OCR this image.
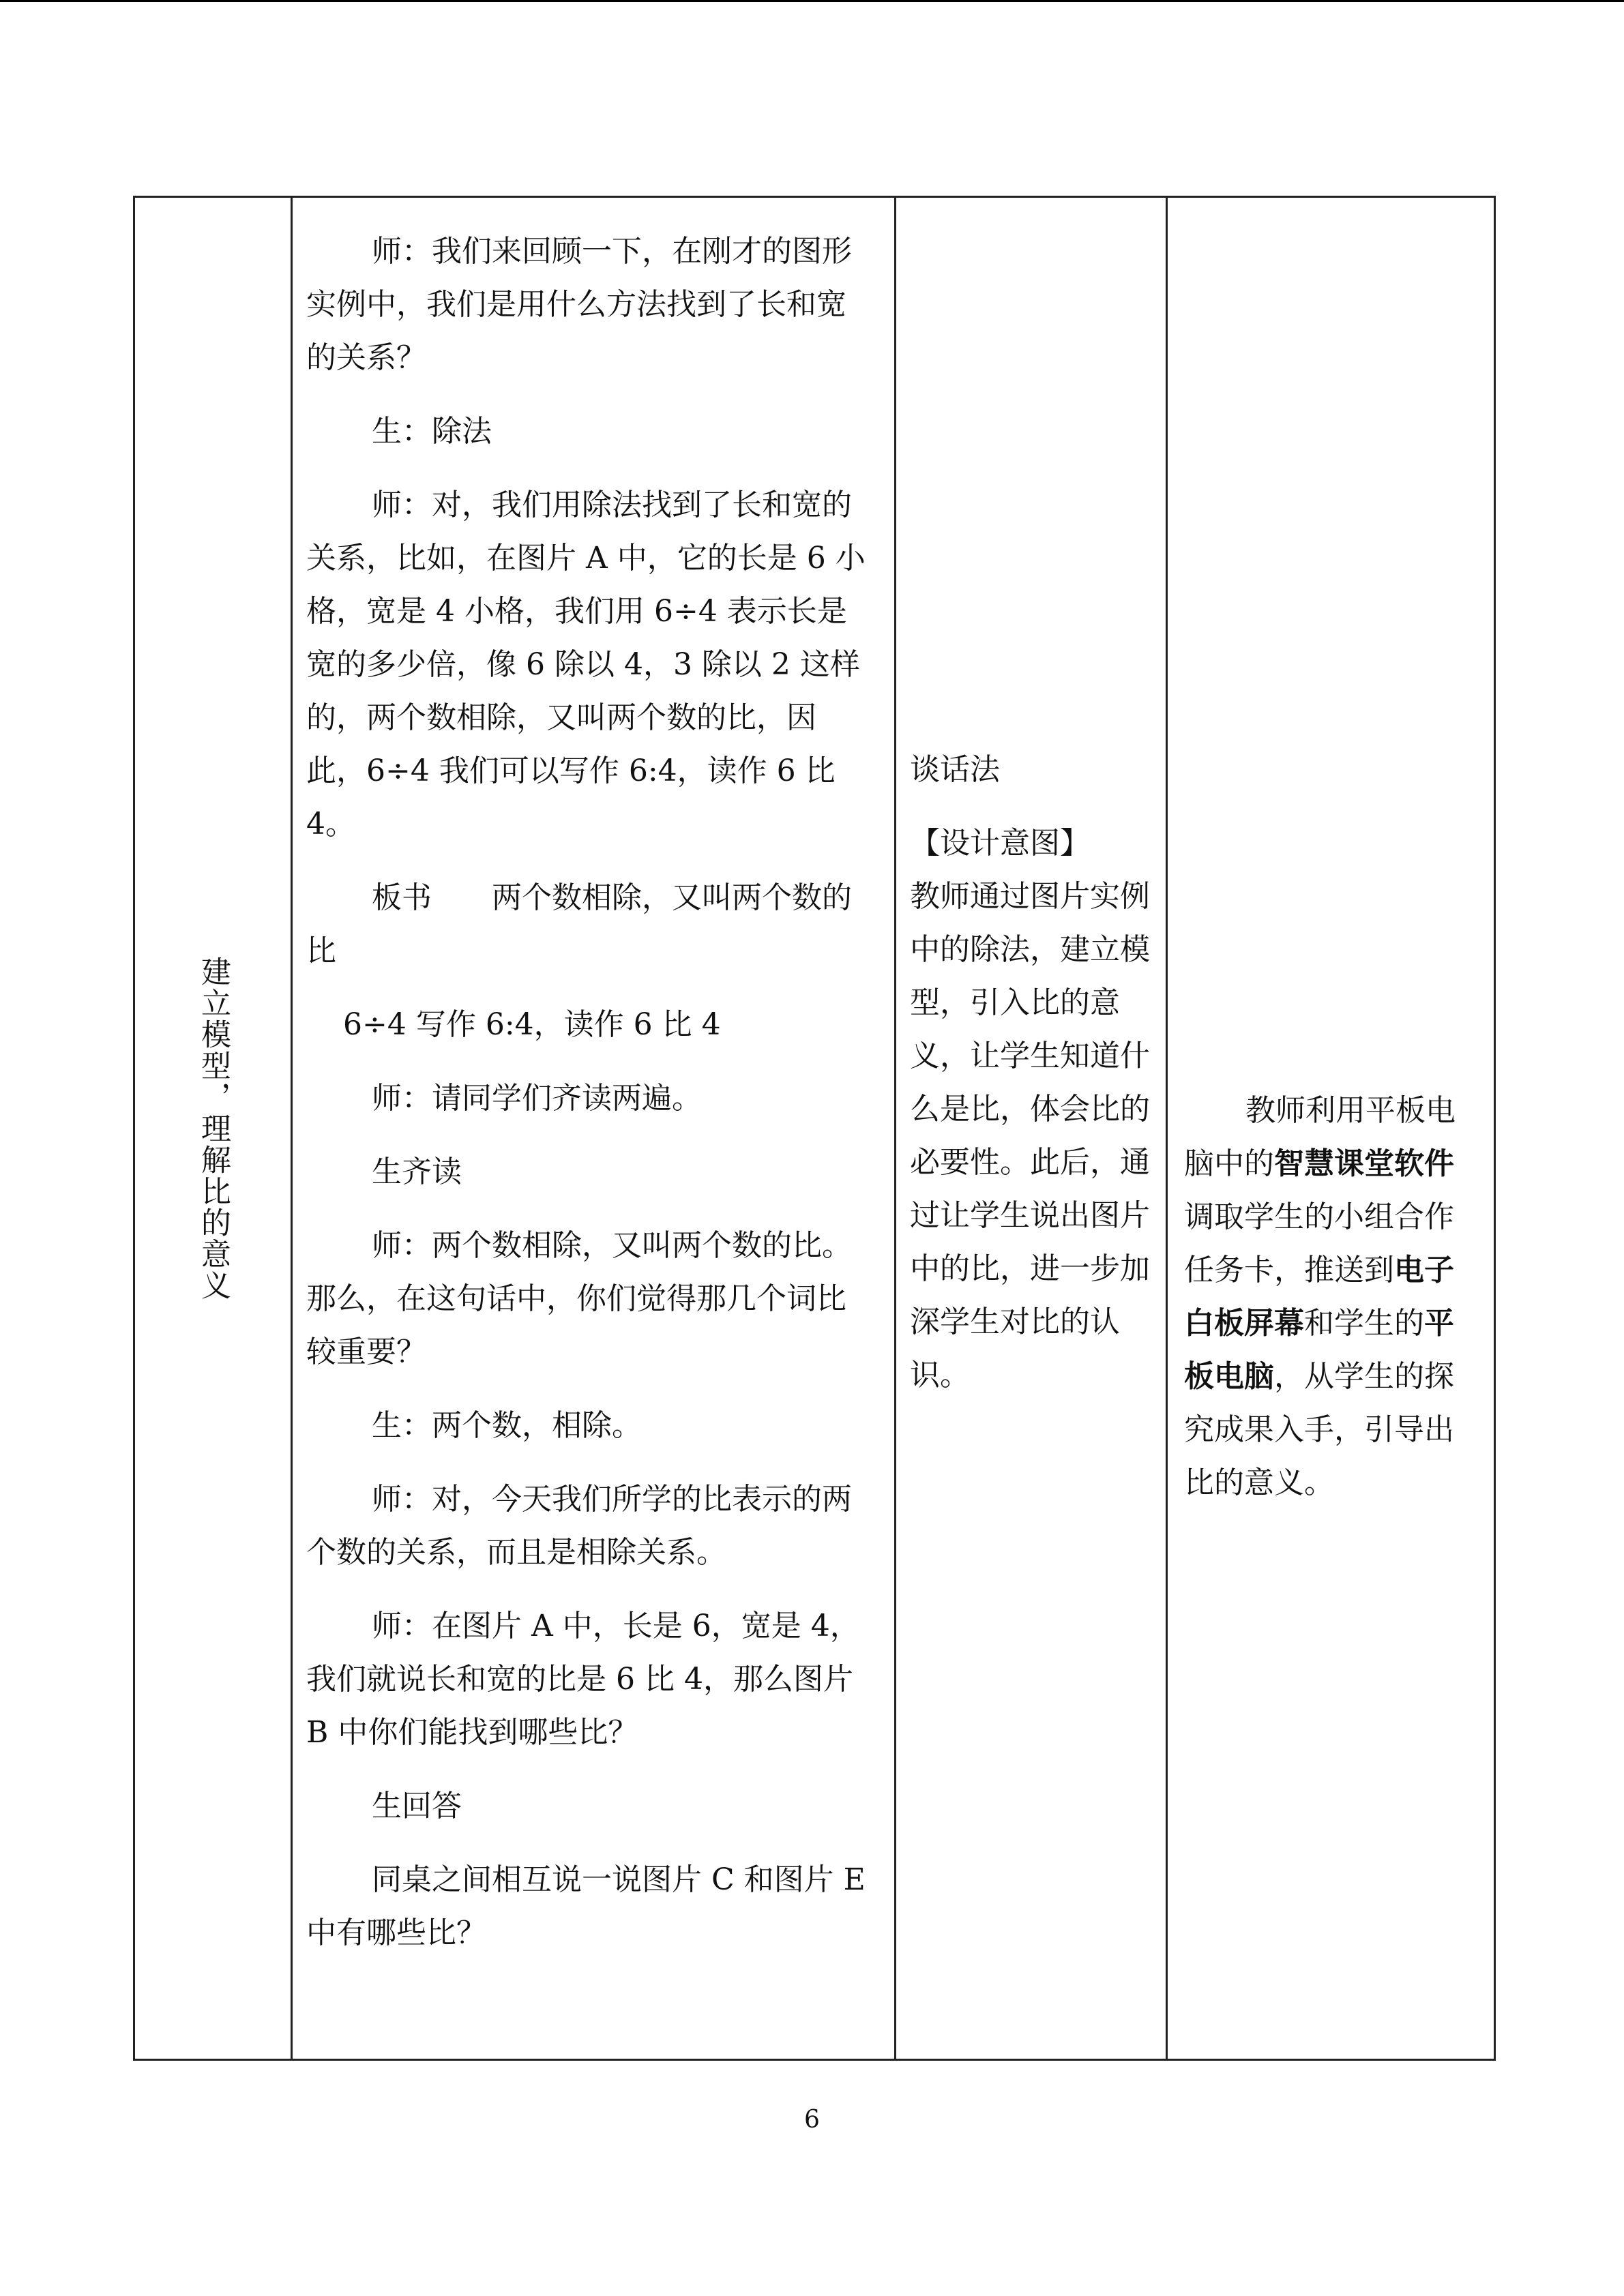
建立模型，理解比的意义

师：我们来回顾一下，在刚才的图形实例中，我们是用什么方法找到了长和宽的关系？

生：除法

师：对，我们用除法找到了长和宽的关系，比如，在图片 A 中，它的长是 6 小格，宽是 4 小格，我们用 6÷4 表示长是宽的多少倍，像 6 除以 4，3 除以 2 这样的，两个数相除，又叫两个数的比，因此，6÷4 我们可以写作 6:4，读作 6 比 4。

板书　　两个数相除，又叫两个数的比

6÷4 写作 6:4，读作 6 比 4

师：请同学们齐读两遍。

生齐读

师：两个数相除，又叫两个数的比。那么，在这句话中，你们觉得那几个词比较重要？

生：两个数，相除。

师：对，今天我们所学的比表示的两个数的关系，而且是相除关系。

师：在图片 A 中，长是 6，宽是 4，我们就说长和宽的比是 6 比 4，那么图片 B 中你们能找到哪些比？

生回答

同桌之间相互说一说图片 C 和图片 E 中有哪些比？

谈话法

【设计意图】

教师通过图片实例中的除法，建立模型，引入比的意义，让学生知道什么是比，体会比的必要性。此后，通过让学生说出图片中的比，进一步加深学生对比的认识。

教师利用平板电脑中的智慧课堂软件调取学生的小组合作任务卡，推送到电子白板屏幕和学生的平板电脑，从学生的探究成果入手，引导出比的意义。

6
